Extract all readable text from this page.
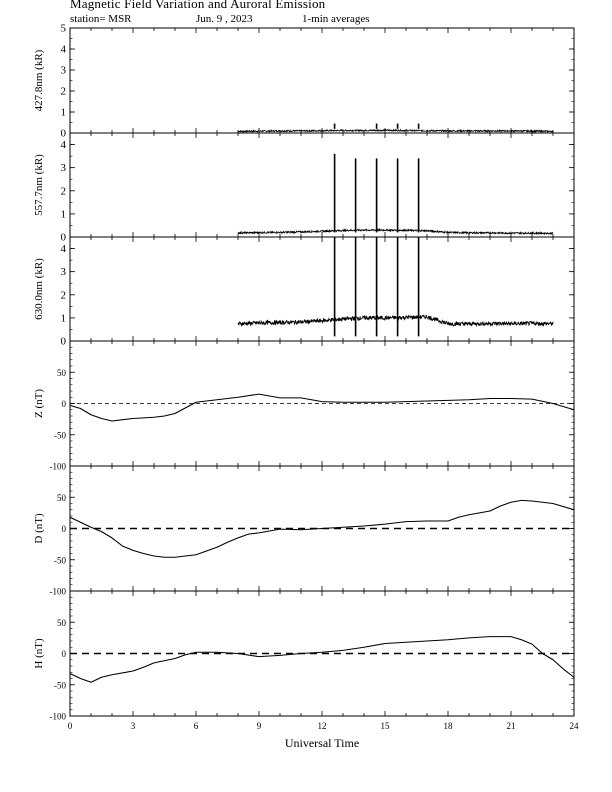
Magnetic Field Variation and Auroral Emission
station= MSR	Jun. 9 , 2023	1-min averages
0
1
2
3
4
5
427.8nm (kR)
0
1
2
3
4
557.7nm (kR)
0
1
2
3
4
630.0nm (kR)
-100
-50
0
50
Z (nT)
-100
-50
0
50
D (nT)
-100
-50
0
50
H (nT)
0	3	6	9	12	15	18	21	24
Universal Time
